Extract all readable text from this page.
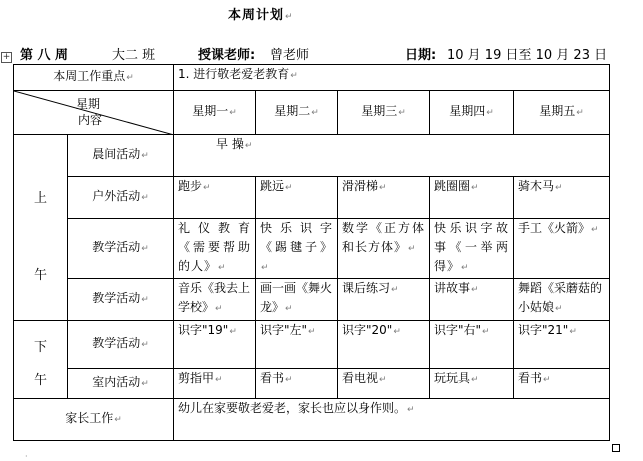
本周计划↵
+ 第 八 周	大二 班	授课老师: 曾老师	日期: 10 月 19 日至 10 月 23 日
本周工作重点↵		1. 进行敬老爱老教育↵				

星期
内容		星期一↵	星期二↵	星期三↵	星期四↵	星期五↵

上
午	晨间活动↵	早 操↵				
	户外活动↵	跑步↵	跳远↵	滑滑梯↵	跳圈圈↵	骑木马↵
	教学活动↵	礼仪教育《需要帮助的人》↵	快乐识字《踢毽子》↵	数学《正方体和长方体》↵	快乐识字故事《一举两得》↵	手工《火箭》↵
	教学活动↵	音乐《我去上学校》↵	画一画《舞火龙》↵	课后练习↵	讲故事↵	舞蹈《采蘑菇的小姑娘↵

下
午	教学活动↵	识字"19"↵	识字"左"↵	识字"20"↵	识字"右"↵	识字"21"↵
	室内活动↵	剪指甲↵	看书↵	看电视↵	玩玩具↵	看书↵
家长工作↵		幼儿在家要敬老爱老，家长也应以身作则。↵				
·
